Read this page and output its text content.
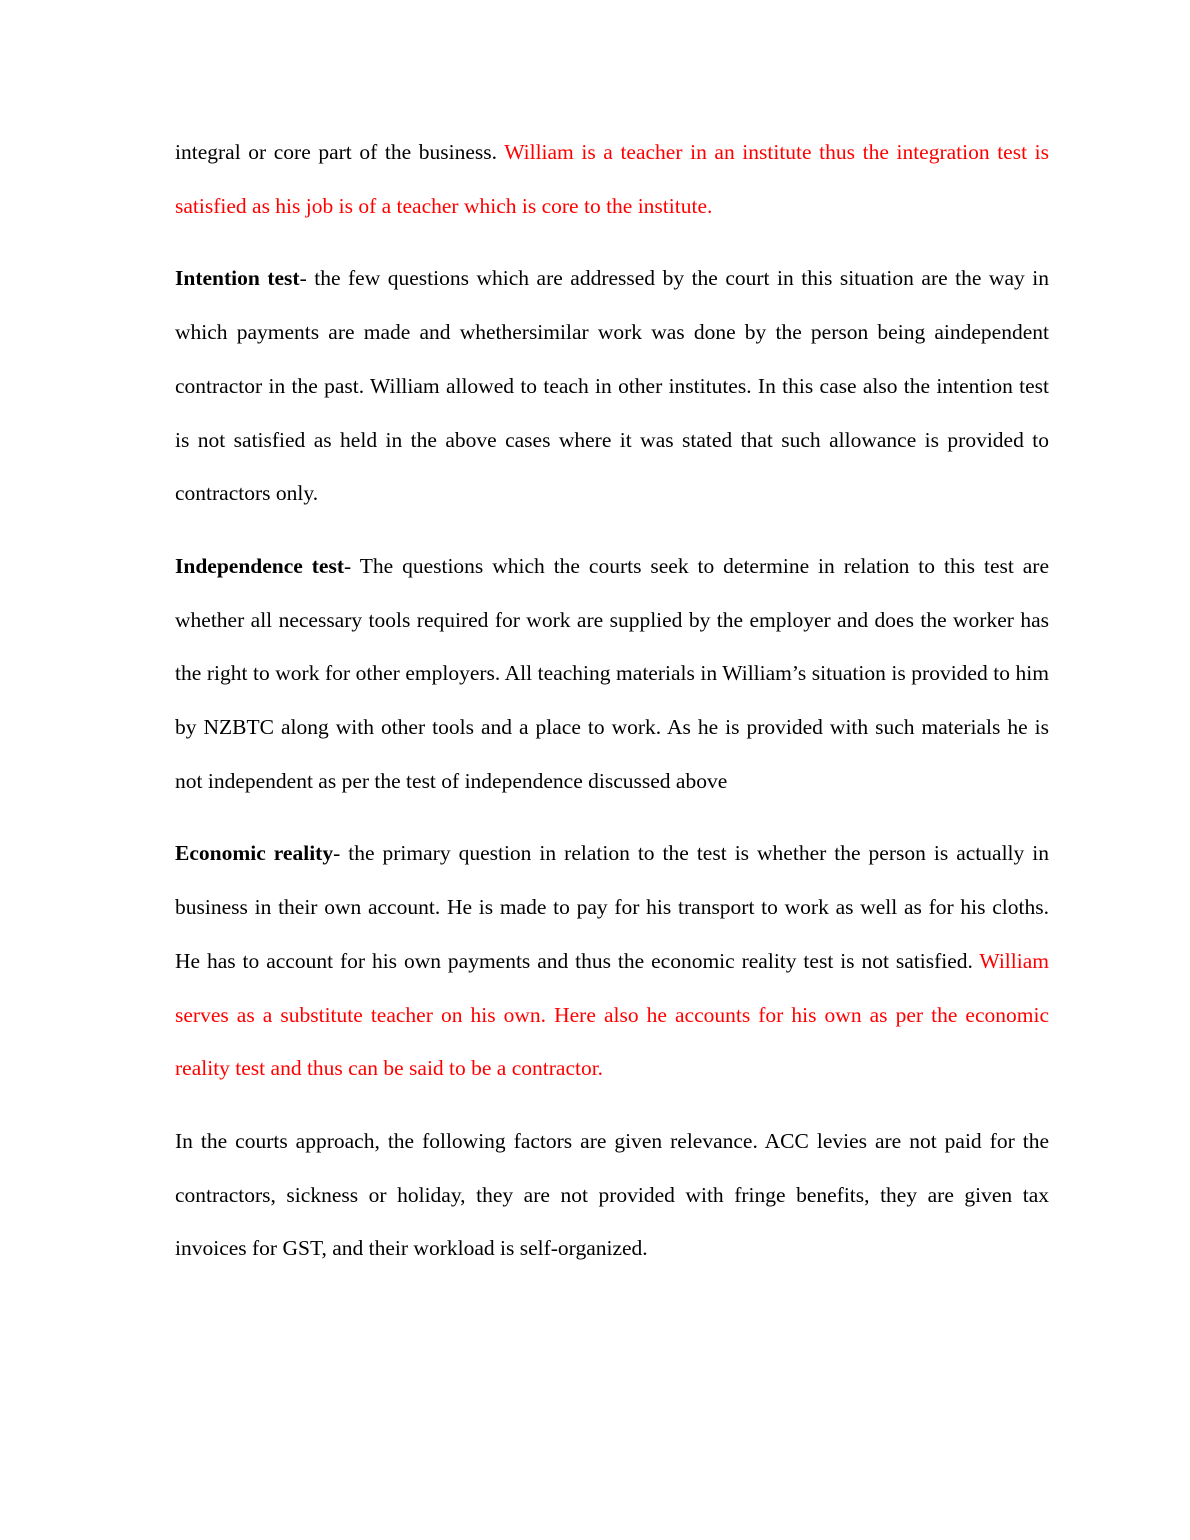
integral or core part of the business. William is a teacher in an institute thus the integration test is satisfied as his job is of a teacher which is core to the institute.

Intention test- the few questions which are addressed by the court in this situation are the way in which payments are made and whethersimilar work was done by the person being aindependent contractor in the past. William allowed to teach in other institutes. In this case also the intention test is not satisfied as held in the above cases where it was stated that such allowance is provided to contractors only.

Independence test- The questions which the courts seek to determine in relation to this test are whether all necessary tools required for work are supplied by the employer and does the worker has the right to work for other employers. All teaching materials in William’s situation is provided to him by NZBTC along with other tools and a place to work. As he is provided with such materials he is not independent as per the test of independence discussed above

Economic reality- the primary question in relation to the test is whether the person is actually in business in their own account. He is made to pay for his transport to work as well as for his cloths. He has to account for his own payments and thus the economic reality test is not satisfied. William serves as a substitute teacher on his own. Here also he accounts for his own as per the economic reality test and thus can be said to be a contractor.

In the courts approach, the following factors are given relevance. ACC levies are not paid for the contractors, sickness or holiday, they are not provided with fringe benefits, they are given tax invoices for GST, and their workload is self-organized.
